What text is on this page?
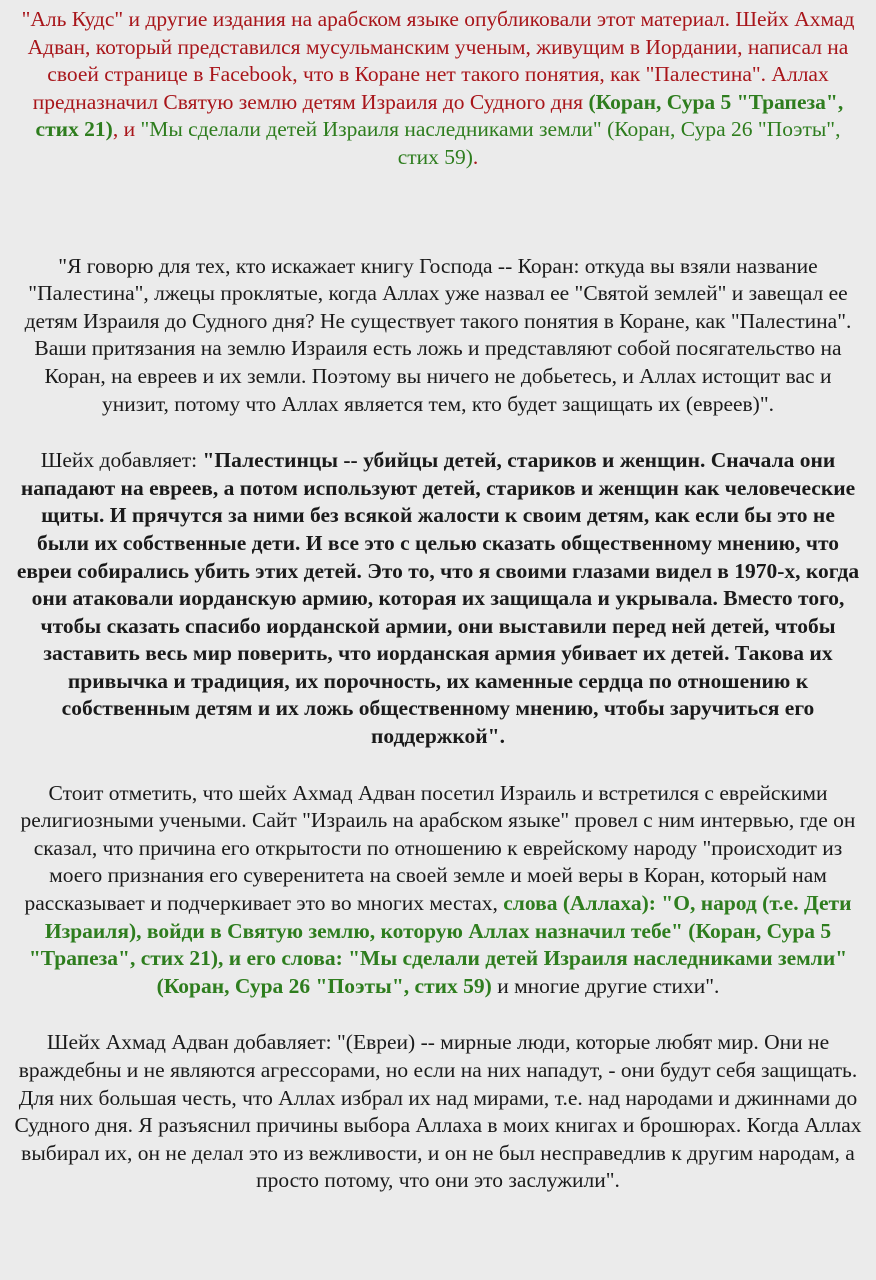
"Аль Кудс" и другие издания на арабском языке опубликовали этот материал. Шейх Ахмад Адван, который представился мусульманским ученым, живущим в Иордании, написал на своей странице в Facebook, что в Коране нет такого понятия, как "Палестина". Аллах предназначил Святую землю детям Израиля до Судного дня (Коран, Сура 5 "Трапеза", стих 21), и "Мы сделали детей Израиля наследниками земли" (Коран, Сура 26 "Поэты", стих 59).

"Я говорю для тех, кто искажает книгу Господа -- Коран: откуда вы взяли название "Палестина", лжецы проклятые, когда Аллах уже назвал ее "Святой землей" и завещал ее детям Израиля до Судного дня? Не существует такого понятия в Коране, как "Палестина". Ваши притязания на землю Израиля есть ложь и представляют собой посягательство на Коран, на евреев и их земли. Поэтому вы ничего не добьетесь, и Аллах истощит вас и унизит, потому что Аллах является тем, кто будет защищать их (евреев)".

Шейх добавляет: "Палестинцы -- убийцы детей, стариков и женщин. Сначала они нападают на евреев, а потом используют детей, стариков и женщин как человеческие щиты. И прячутся за ними без всякой жалости к своим детям, как если бы это не были их собственные дети. И все это с целью сказать общественному мнению, что евреи собирались убить этих детей. Это то, что я своими глазами видел в 1970-х, когда они атаковали иорданскую армию, которая их защищала и укрывала. Вместо того, чтобы сказать спасибо иорданской армии, они выставили перед ней детей, чтобы заставить весь мир поверить, что иорданская армия убивает их детей. Такова их привычка и традиция, их порочность, их каменные сердца по отношению к собственным детям и их ложь общественному мнению, чтобы заручиться его поддержкой".

Стоит отметить, что шейх Ахмад Адван посетил Израиль и встретился с еврейскими религиозными учеными. Сайт "Израиль на арабском языке" провел с ним интервью, где он сказал, что причина его открытости по отношению к еврейскому народу "происходит из моего признания его суверенитета на своей земле и моей веры в Коран, который нам рассказывает и подчеркивает это во многих местах, слова (Аллаха): "О, народ (т.е. Дети Израиля), войди в Святую землю, которую Аллах назначил тебе" (Коран, Сура 5 "Трапеза", стих 21), и его слова: "Мы сделали детей Израиля наследниками земли" (Коран, Сура 26 "Поэты", стих 59) и многие другие стихи".

Шейх Ахмад Адван добавляет: "(Евреи) -- мирные люди, которые любят мир. Они не враждебны и не являются агрессорами, но если на них нападут, - они будут себя защищать. Для них большая честь, что Аллах избрал их над мирами, т.е. над народами и джиннами до Судного дня. Я разъяснил причины выбора Аллаха в моих книгах и брошюрах. Когда Аллах выбирал их, он не делал это из вежливости, и он не был несправедлив к другим народам, а просто потому, что они это заслужили".
